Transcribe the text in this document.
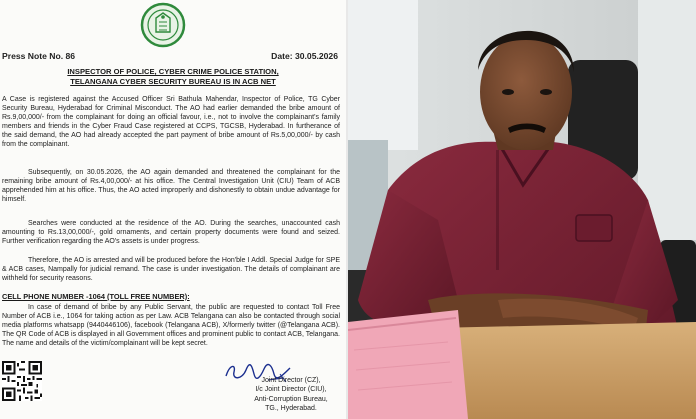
Press Note No. 86	Date: 30.05.2026
INSPECTOR OF POLICE, CYBER CRIME POLICE STATION,
TELANGANA CYBER SECURITY BUREAU IS IN ACB NET

A Case is registered against the Accused Officer Sri Bathula Mahendar, Inspector of Police, TG Cyber Security Bureau, Hyderabad for Criminal Misconduct. The AO had earlier demanded the bribe amount of Rs.9,00,000/- from the complainant for doing an official favour, i.e., not to involve the complainant's family members and friends in the Cyber Fraud Case registered at CCPS, TGCSB, Hyderabad. In furtherance of the said demand, the AO had already accepted the part payment of bribe amount of Rs.5,00,000/- by cash from the complainant.

Subsequently, on 30.05.2026, the AO again demanded and threatened the complainant for the remaining bribe amount of Rs.4,00,000/- at his office. The Central Investigation Unit (CIU) Team of ACB apprehended him at his office. Thus, the AO acted improperly and dishonestly to obtain undue advantage for himself.

Searches were conducted at the residence of the AO. During the searches, unaccounted cash amounting to Rs.13,00,000/-, gold ornaments, and certain property documents were found and seized. Further verification regarding the AO's assets is under progress.

Therefore, the AO is arrested and will be produced before the Hon'ble I Addl. Special Judge for SPE & ACB cases, Nampally for judicial remand. The case is under investigation. The details of complainant are withheld for security reasons.

CELL PHONE NUMBER -1064 (TOLL FREE NUMBER):

In case of demand of bribe by any Public Servant, the public are requested to contact Toll Free Number of ACB i.e., 1064 for taking action as per Law. ACB Telangana can also be contacted through social media platforms whatsapp (9440446106), facebook (Telangana ACB), X/formerly twitter (@Telangana ACB). The QR Code of ACB is displayed in all Government offices and prominent public to contact ACB, Telangana. The name and details of the victim/complainant will be kept secret.

Joint Director (CZ),
I/c Joint Director (CIU),
Anti-Corruption Bureau,
TG., Hyderabad.
